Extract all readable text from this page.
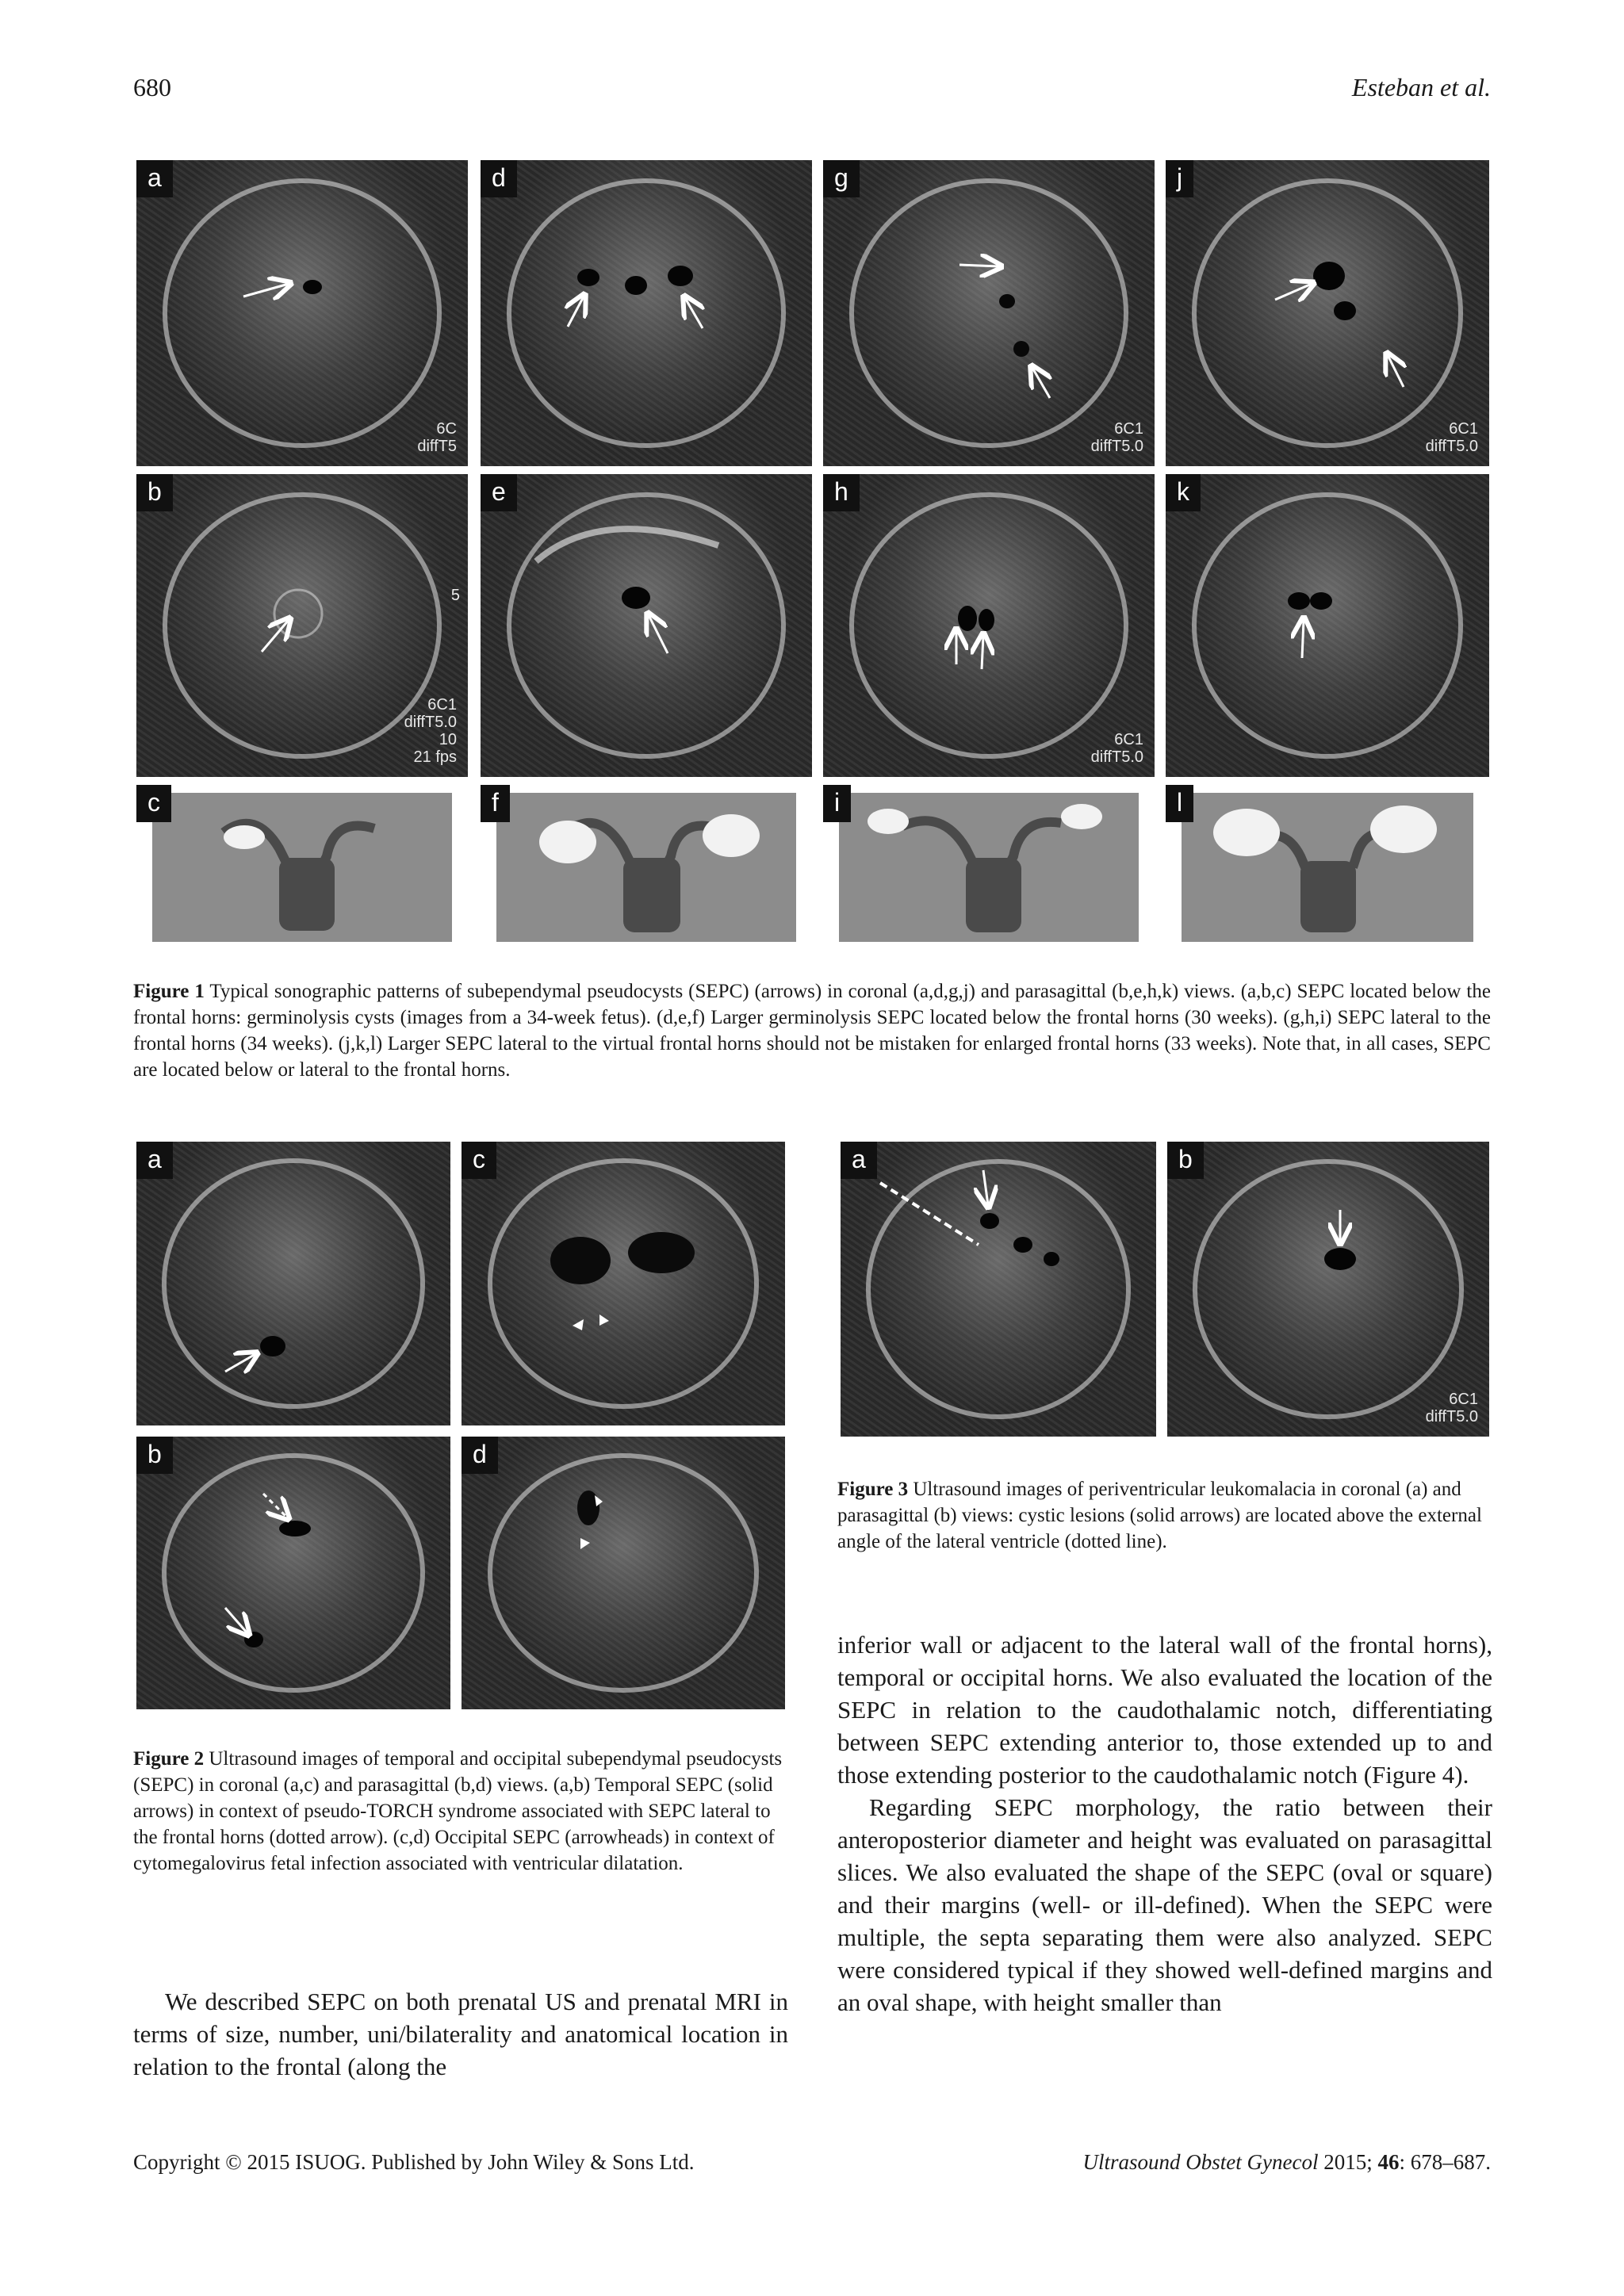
680	Esteban et al.
a
6C
diffT5
d	g
6C1
diffT5.0
j
6C1
diffT5.0
b
5
6C1
diffT5.0
10
21 fps
e	h
6C1
diffT5.0
k
c	f	i	l
Figure 1 Typical sonographic patterns of subependymal pseudocysts (SEPC) (arrows) in coronal (a,d,g,j) and parasagittal (b,e,h,k) views. (a,b,c) SEPC located below the frontal horns: germinolysis cysts (images from a 34-week fetus). (d,e,f) Larger germinolysis SEPC located below the frontal horns (30 weeks). (g,h,i) SEPC lateral to the frontal horns (34 weeks). (j,k,l) Larger SEPC lateral to the virtual frontal horns should not be mistaken for enlarged frontal horns (33 weeks). Note that, in all cases, SEPC are located below or lateral to the frontal horns.
a	c
b	d
Figure 2 Ultrasound images of temporal and occipital subependymal pseudocysts (SEPC) in coronal (a,c) and parasagittal (b,d) views. (a,b) Temporal SEPC (solid arrows) in context of pseudo-TORCH syndrome associated with SEPC lateral to the frontal horns (dotted arrow). (c,d) Occipital SEPC (arrowheads) in context of cytomegalovirus fetal infection associated with ventricular dilatation.

We described SEPC on both prenatal US and prenatal MRI in terms of size, number, uni/bilaterality and anatomical location in relation to the frontal (along the

a	b
6C1
diffT5.0
Figure 3 Ultrasound images of periventricular leukomalacia in coronal (a) and parasagittal (b) views: cystic lesions (solid arrows) are located above the external angle of the lateral ventricle (dotted line).

inferior wall or adjacent to the lateral wall of the frontal horns), temporal or occipital horns. We also evaluated the location of the SEPC in relation to the caudothalamic notch, differentiating between SEPC extending anterior to, those extended up to and those extending posterior to the caudothalamic notch (Figure 4).

Regarding SEPC morphology, the ratio between their anteroposterior diameter and height was evaluated on parasagittal slices. We also evaluated the shape of the SEPC (oval or square) and their margins (well- or ill-defined). When the SEPC were multiple, the septa separating them were also analyzed. SEPC were considered typical if they showed well-defined margins and an oval shape, with height smaller than

Copyright © 2015 ISUOG. Published by John Wiley & Sons Ltd.	Ultrasound Obstet Gynecol 2015; 46: 678–687.
